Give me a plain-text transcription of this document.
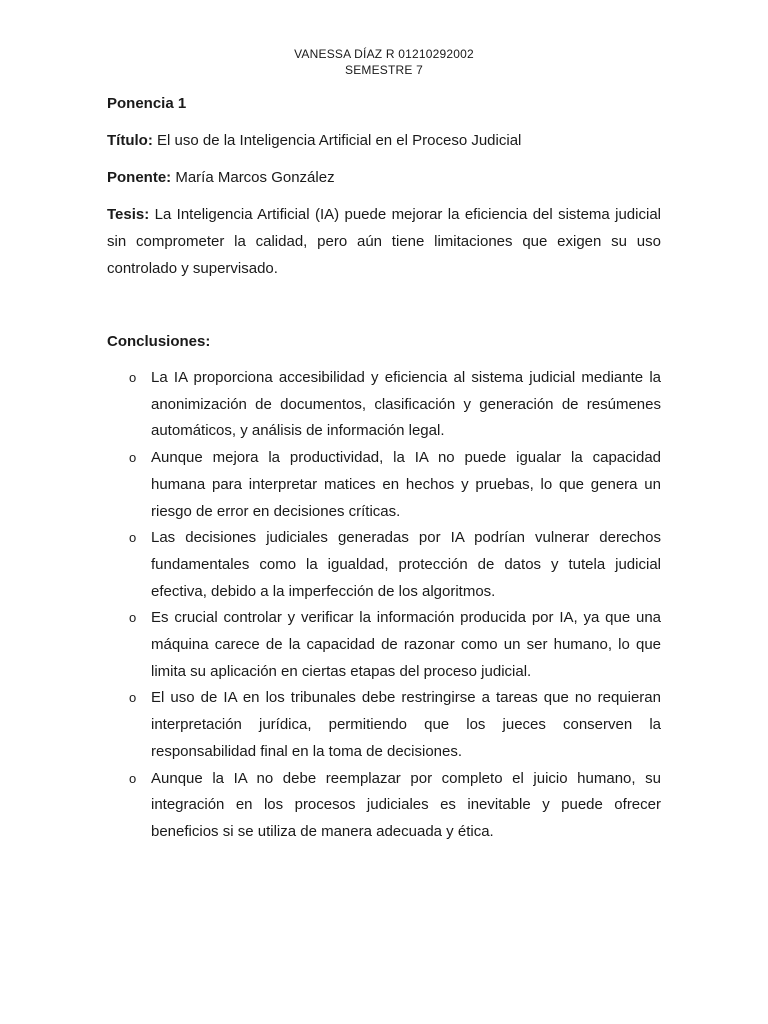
VANESSA DÍAZ R 01210292002
SEMESTRE 7

Ponencia 1

Título: El uso de la Inteligencia Artificial en el Proceso Judicial

Ponente: María Marcos González

Tesis: La Inteligencia Artificial (IA) puede mejorar la eficiencia del sistema judicial sin comprometer la calidad, pero aún tiene limitaciones que exigen su uso controlado y supervisado.

Conclusiones:

o La IA proporciona accesibilidad y eficiencia al sistema judicial mediante la anonimización de documentos, clasificación y generación de resúmenes automáticos, y análisis de información legal.
o Aunque mejora la productividad, la IA no puede igualar la capacidad humana para interpretar matices en hechos y pruebas, lo que genera un riesgo de error en decisiones críticas.
o Las decisiones judiciales generadas por IA podrían vulnerar derechos fundamentales como la igualdad, protección de datos y tutela judicial efectiva, debido a la imperfección de los algoritmos.
o Es crucial controlar y verificar la información producida por IA, ya que una máquina carece de la capacidad de razonar como un ser humano, lo que limita su aplicación en ciertas etapas del proceso judicial.
o El uso de IA en los tribunales debe restringirse a tareas que no requieran interpretación jurídica, permitiendo que los jueces conserven la responsabilidad final en la toma de decisiones.
o Aunque la IA no debe reemplazar por completo el juicio humano, su integración en los procesos judiciales es inevitable y puede ofrecer beneficios si se utiliza de manera adecuada y ética.
